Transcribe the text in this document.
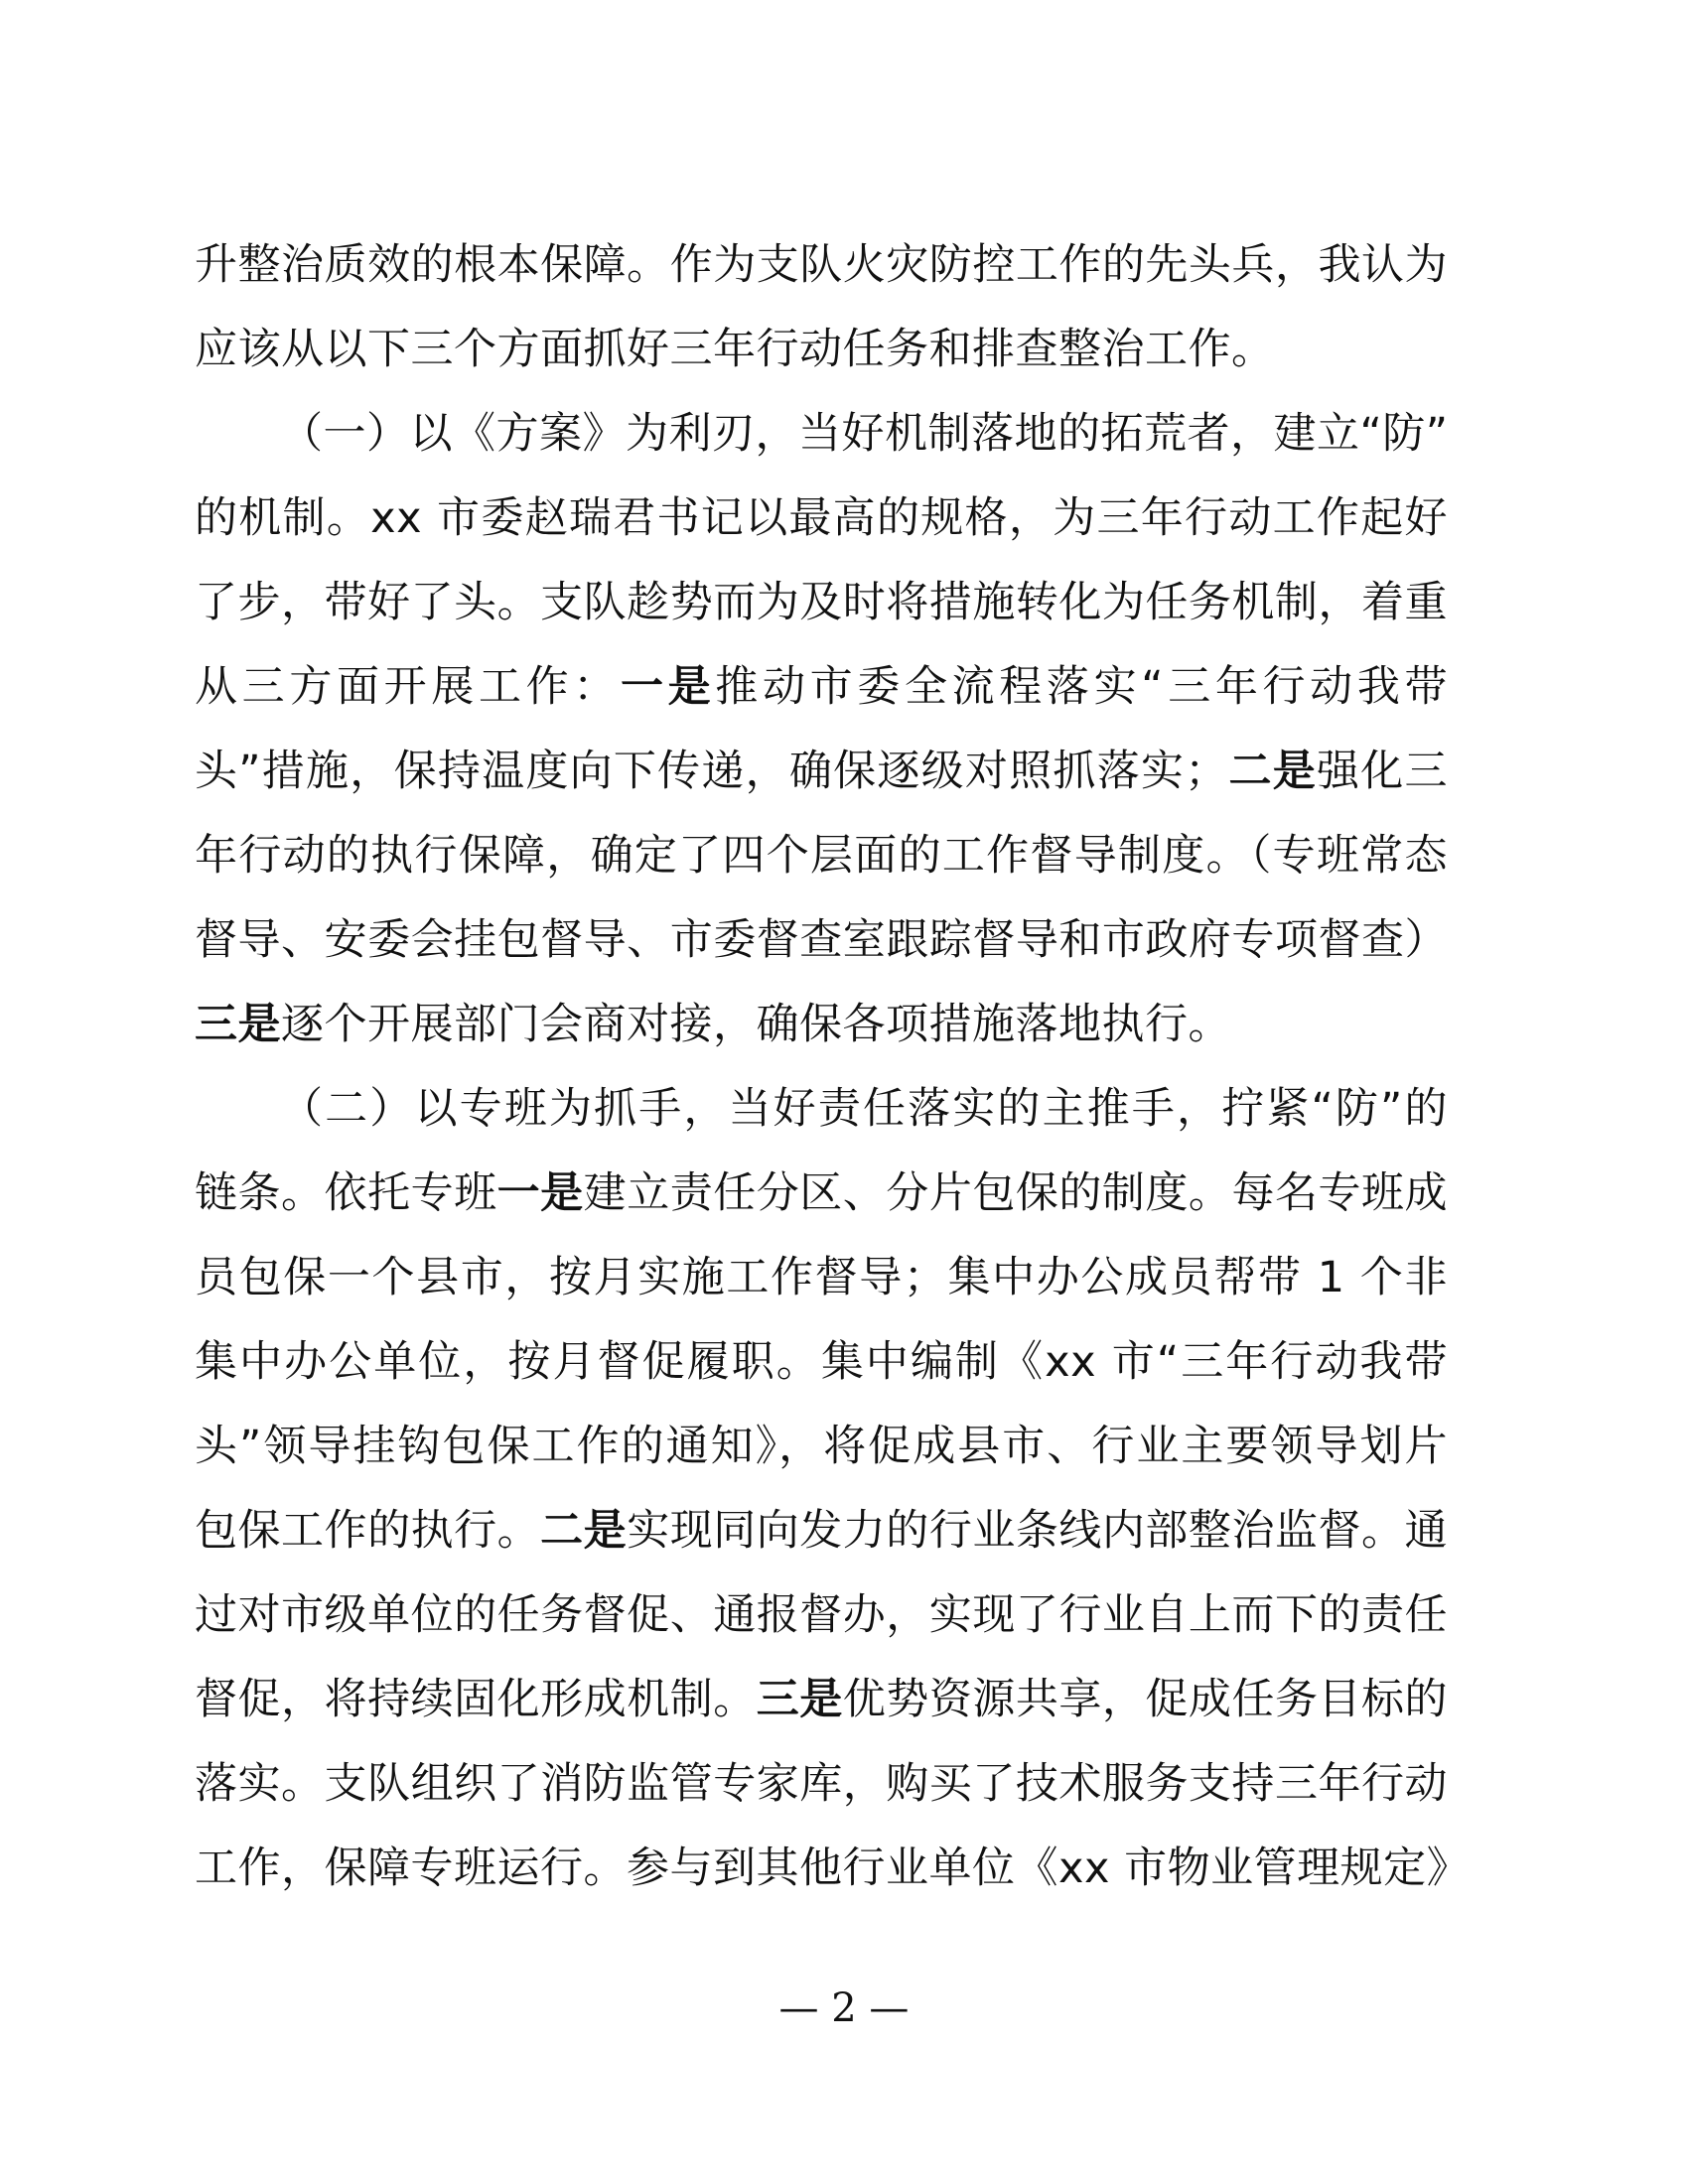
升整治质效的根本保障。作为支队火灾防控工作的先头兵，我认为
应该从以下三个方面抓好三年行动任务和排查整治工作。
（一）以《方案》为利刃，当好机制落地的拓荒者，建立“防”
的机制。xx 市委赵瑞君书记以最高的规格，为三年行动工作起好
了步，带好了头。支队趁势而为及时将措施转化为任务机制，着重
从三方面开展工作：一是推动市委全流程落实“三年行动我带
头”措施，保持温度向下传递，确保逐级对照抓落实；二是强化三
年行动的执行保障，确定了四个层面的工作督导制度。（专班常态
督导、安委会挂包督导、市委督查室跟踪督导和市政府专项督查）
三是逐个开展部门会商对接，确保各项措施落地执行。
（二）以专班为抓手，当好责任落实的主推手，拧紧“防”的
链条。依托专班一是建立责任分区、分片包保的制度。每名专班成
员包保一个县市，按月实施工作督导；集中办公成员帮带 1 个非
集中办公单位，按月督促履职。集中编制《xx 市“三年行动我带
头”领导挂钩包保工作的通知》，将促成县市、行业主要领导划片
包保工作的执行。二是实现同向发力的行业条线内部整治监督。通
过对市级单位的任务督促、通报督办，实现了行业自上而下的责任
督促，将持续固化形成机制。三是优势资源共享，促成任务目标的
落实。支队组织了消防监管专家库，购买了技术服务支持三年行动
工作，保障专班运行。参与到其他行业单位《xx 市物业管理规定》
— 2 —
